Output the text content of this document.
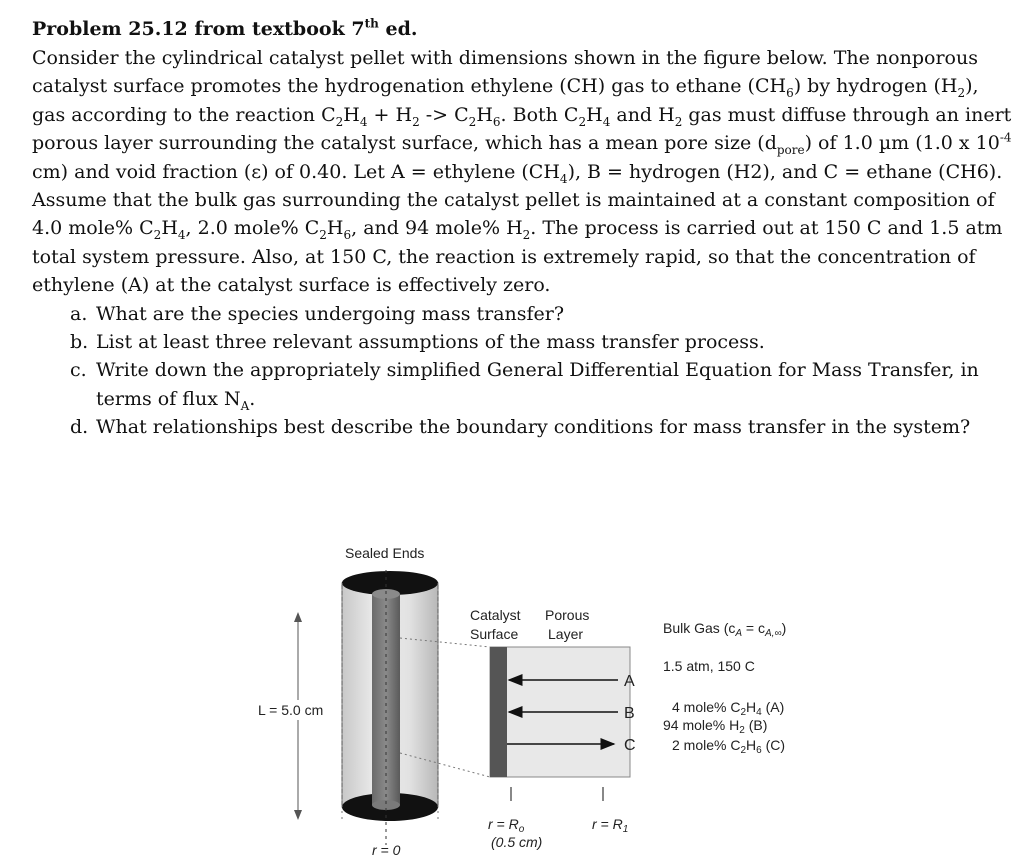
Problem 25.12 from textbook 7th ed.

Consider the cylindrical catalyst pellet with dimensions shown in the figure below. The nonporous catalyst surface promotes the hydrogenation ethylene (CH) gas to ethane $(CH_6)$ by hydrogen $(H_2)$, gas according to the reaction $C_2H_4 + H_2 -> C_2H_6$. Both $C_2H_4$ and $H_2$ gas must diffuse through an inert porous layer surrounding the catalyst surface, which has a mean pore size $(d_{pore})$ of 1.0 µm (1.0 x $10^{-4}$ cm) and void fraction (ε) of 0.40. Let A = ethylene $(CH_4)$, B = hydrogen (H2), and C = ethane (CH6). Assume that the bulk gas surrounding the catalyst pellet is maintained at a constant composition of 4.0 mole% $C_2H_4$, 2.0 mole% $C_2H_6$, and 94 mole% $H_2$. The process is carried out at 150 C and 1.5 atm total system pressure. Also, at 150 C, the reaction is extremely rapid, so that the concentration of ethylene (A) at the catalyst surface is effectively zero.

a. What are the species undergoing mass transfer?
b. List at least three relevant assumptions of the mass transfer process.
c. Write down the appropriately simplified General Differential Equation for Mass Transfer, in terms of flux $N_A$.
d. What relationships best describe the boundary conditions for mass transfer in the system?
Sealed Ends
L = 5.0 cm
Catalyst
Surface
Porous
Layer
A
B
C
$r = R_o$
(0.5 cm)
$r = R_1$
r = 0
Bulk Gas $(c_A = c_{A,\infty})$
1.5 atm, 150 C
4 mole% $C_2H_4$ (A)
94 mole% $H_2$ (B)
2 mole% $C_2H_6$ (C)
